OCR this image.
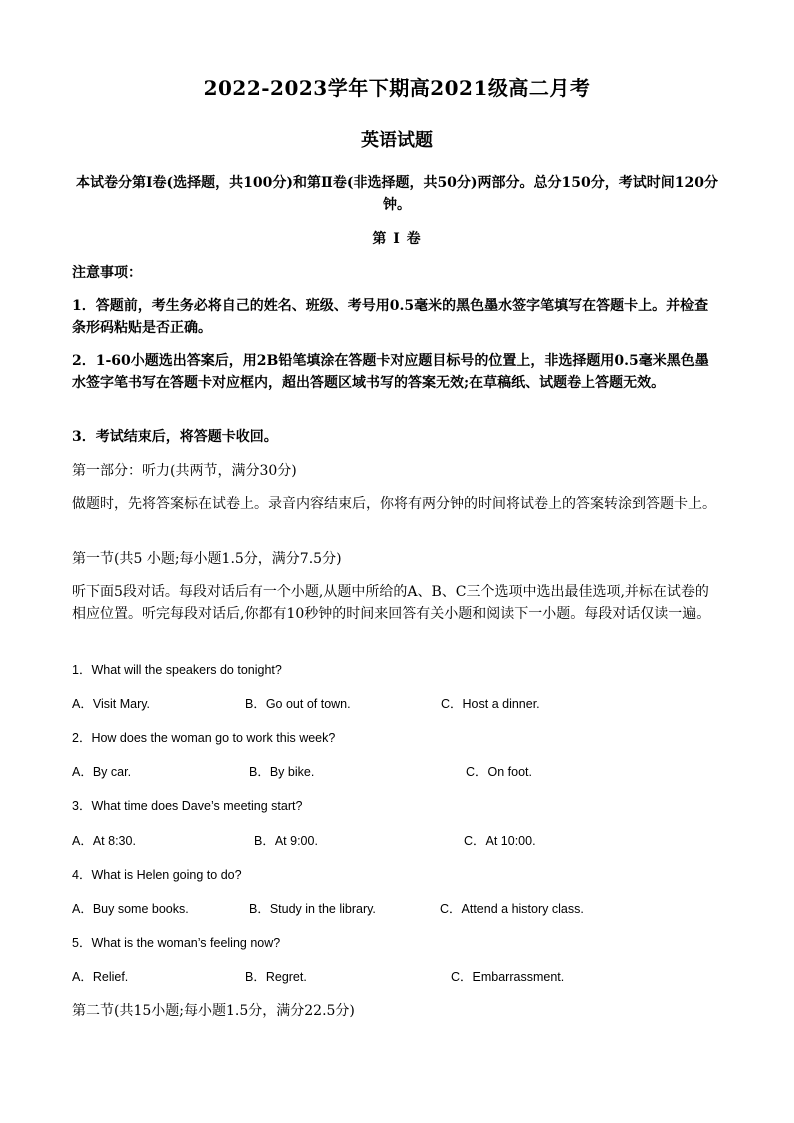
2022-2023学年下期高2021级高二月考
英语试题
本试卷分第Ⅰ卷(选择题，共100分)和第Ⅱ卷(非选择题，共50分)两部分。总分150分，考试时间120分钟。
第 Ⅰ 卷
注意事项：
1．答题前，考生务必将自己的姓名、班级、考号用0.5毫米的黑色墨水签字笔填写在答题卡上。并检查条形码粘贴是否正确。
2．1-60小题选出答案后，用2B铅笔填涂在答题卡对应题目标号的位置上，非选择题用0.5毫米黑色墨水签字笔书写在答题卡对应框内，超出答题区域书写的答案无效;在草稿纸、试题卷上答题无效。
3．考试结束后，将答题卡收回。
第一部分：听力(共两节，满分30分)
做题时，先将答案标在试卷上。录音内容结束后，你将有两分钟的时间将试卷上的答案转涂到答题卡上。
第一节(共5 小题;每小题1.5分，满分7.5分)
听下面5段对话。每段对话后有一个小题,从题中所给的A、B、C三个选项中选出最佳选项,并标在试卷的相应位置。听完每段对话后,你都有10秒钟的时间来回答有关小题和阅读下一小题。每段对话仅读一遍。
1．What will the speakers do tonight?
A．Visit Mary.	B．Go out of town.	C．Host a dinner.
2．How does the woman go to work this week?
A．By car.	B．By bike.	C．On foot.
3．What time does Dave’s meeting start?
A．At 8:30.	B．At 9:00.	C．At 10:00.
4．What is Helen going to do?
A．Buy some books.	B．Study in the library.	C．Attend a history class.
5．What is the woman’s feeling now?
A．Relief.	B．Regret.	C．Embarrassment.
第二节(共15小题;每小题1.5分，满分22.5分)
